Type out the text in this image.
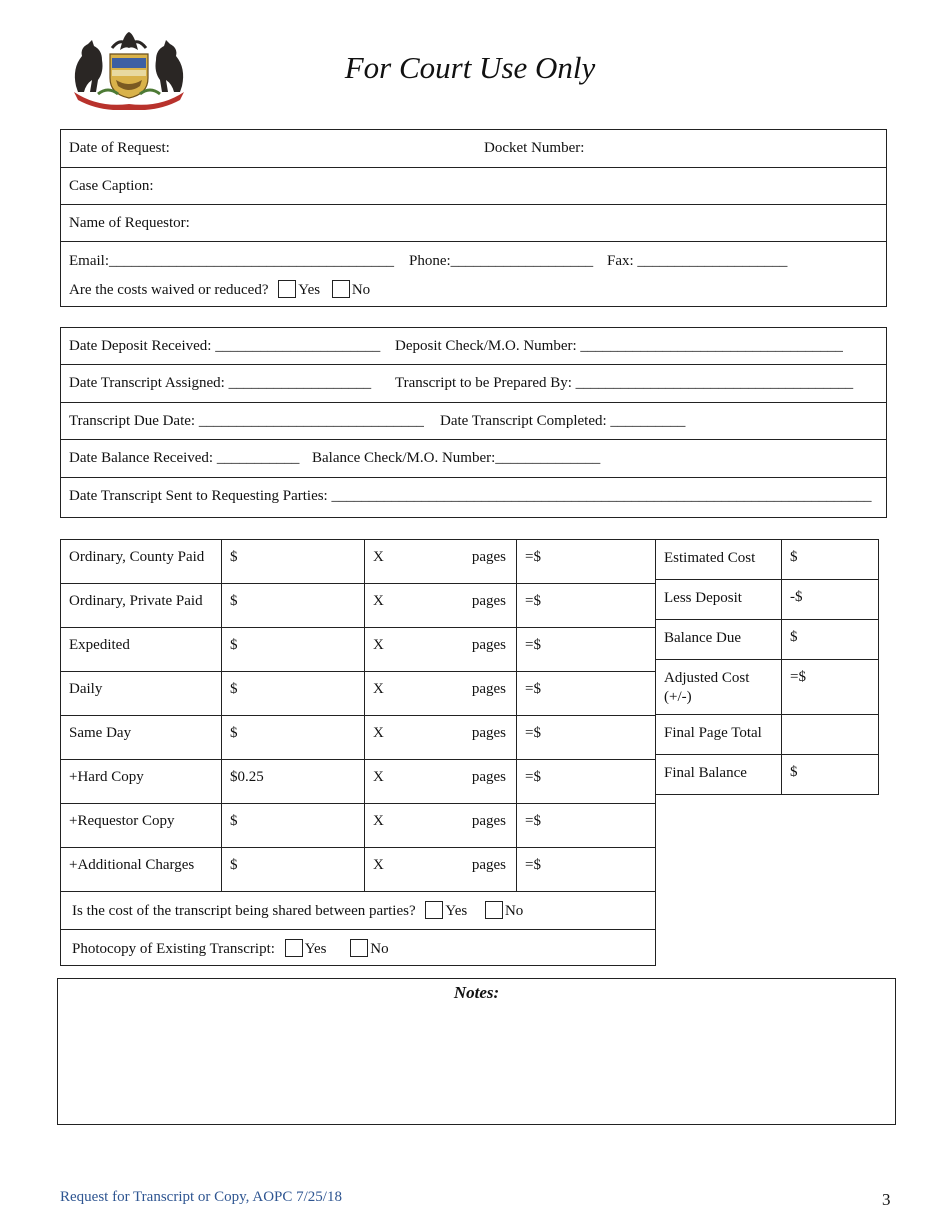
For Court Use Only
Date of Request:	Docket Number:
Case Caption:
Name of Requestor:
Email:______________________________________ Phone:___________________ Fax: ____________________
Are the costs waived or reduced? Yes No
Date Deposit Received: ______________________ Deposit Check/M.O. Number: ___________________________________
Date Transcript Assigned: ___________________ Transcript to be Prepared By: _____________________________________
Transcript Due Date: ______________________________ Date Transcript Completed: __________
Date Balance Received: ___________ Balance Check/M.O. Number:______________
Date Transcript Sent to Requesting Parties: ________________________________________________________________________
Ordinary, County Paid	$	X pages	=$
Ordinary, Private Paid	$	X pages	=$
Expedited	$	X pages	=$
Daily	$	X pages	=$
Same Day	$	X pages	=$
+Hard Copy	$0.25	X pages	=$
+Requestor Copy	$	X pages	=$
+Additional Charges	$	X pages	=$
Is the cost of the transcript being shared between parties? Yes No			
Photocopy of Existing Transcript: Yes No			
Estimated Cost	$
Less Deposit	-$
Balance Due	$
Adjusted Cost
(+/-)	=$
Final Page Total	
Final Balance	$
Notes:
Request for Transcript or Copy, AOPC 7/25/18	3
